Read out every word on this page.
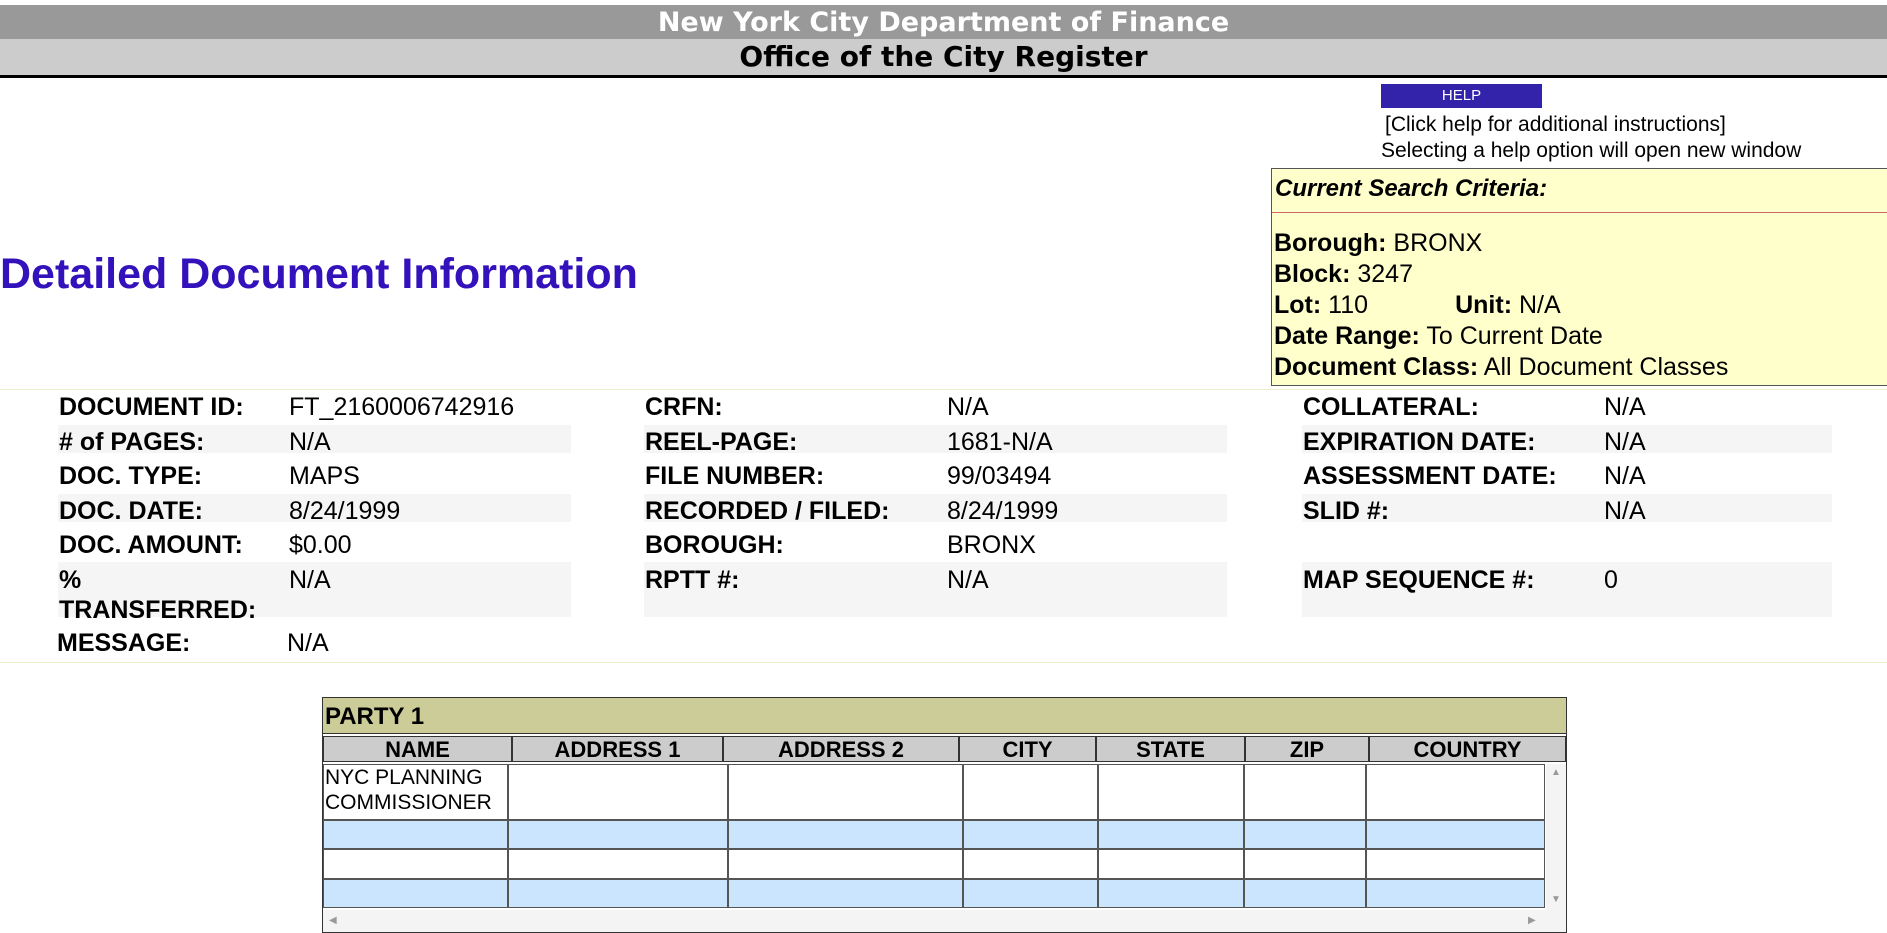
New York City Department of Finance
Office of the City Register
HELP
[Click help for additional instructions]
Selecting a help option will open new window
Current Search Criteria:
Borough: BRONX
Block: 3247
Lot: 110	Unit: N/A
Date Range: To Current Date
Document Class: All Document Classes
Detailed Document Information
DOCUMENT ID: FT_2160006742916
# of PAGES:	N/A
DOC. TYPE:	MAPS
DOC. DATE:	8/24/1999
DOC. AMOUNT: $0.00
% TRANSFERRED:
N/A
MESSAGE:	N/A
CRFN:	N/A
REEL-PAGE:	1681-N/A
FILE NUMBER:	99/03494
RECORDED / FILED: 8/24/1999
BOROUGH:	BRONX
RPTT #:	N/A
COLLATERAL:	N/A
EXPIRATION DATE:	N/A
ASSESSMENT DATE: N/A
SLID #:	N/A
MAP SEQUENCE #:	0
PARTY 1
NAME	ADDRESS 1	ADDRESS 2	CITY	STATE	ZIP	COUNTRY
NYC PLANNING COMMISSIONER
▲
▼
◀	▶
